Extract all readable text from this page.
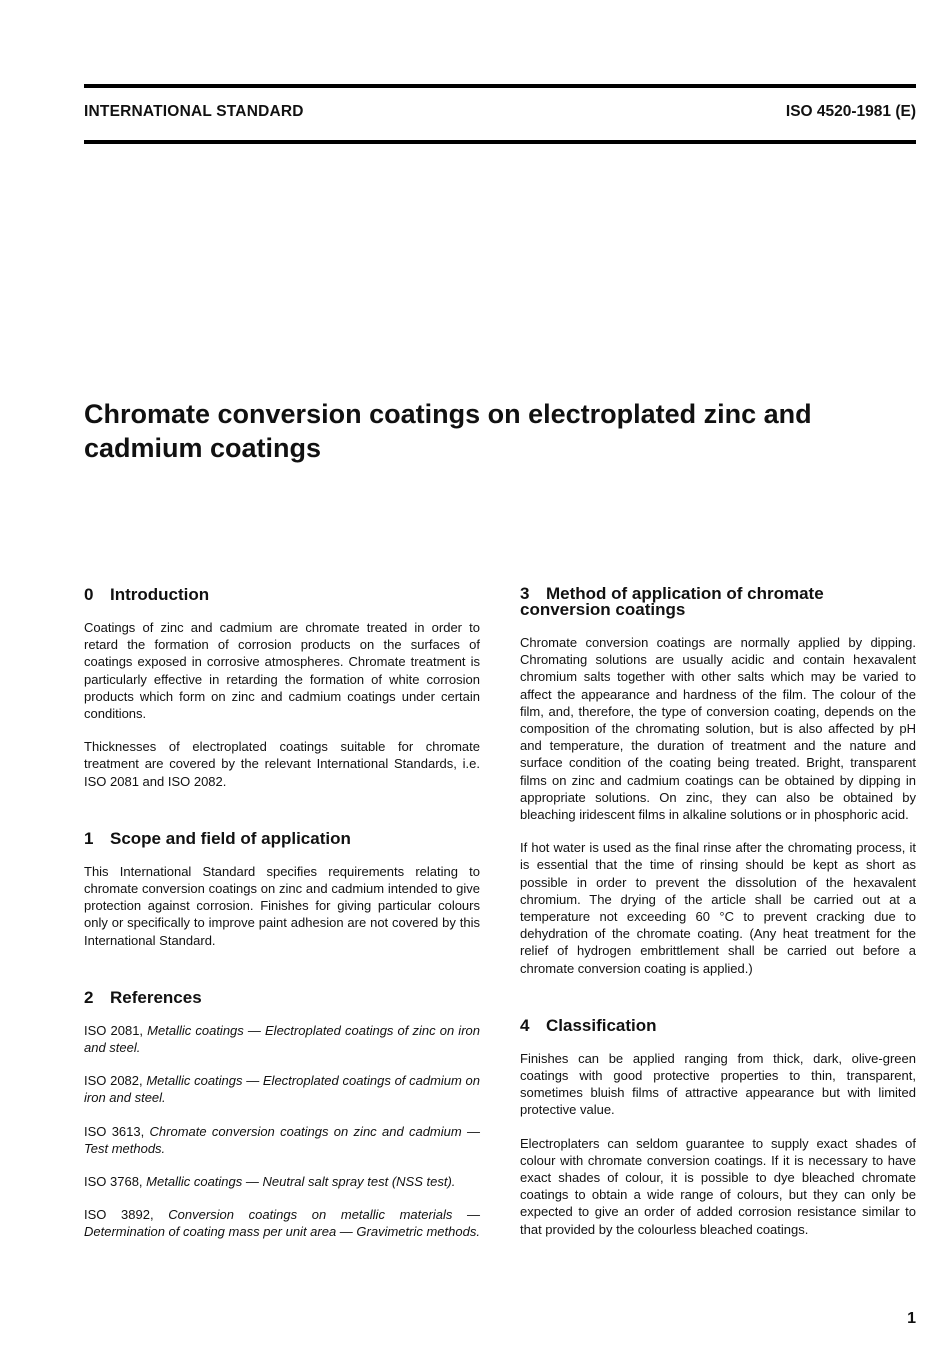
INTERNATIONAL STANDARD	ISO 4520-1981 (E)
Chromate conversion coatings on electroplated zinc and
cadmium coatings
0 Introduction

Coatings of zinc and cadmium are chromate treated in order to retard the formation of corrosion products on the surfaces of coatings exposed in corrosive atmospheres. Chromate treatment is particularly effective in retarding the formation of white corrosion products which form on zinc and cadmium coatings under certain conditions.

Thicknesses of electroplated coatings suitable for chromate treatment are covered by the relevant International Standards, i.e. ISO 2081 and ISO 2082.

1 Scope and field of application

This International Standard specifies requirements relating to chromate conversion coatings on zinc and cadmium intended to give protection against corrosion. Finishes for giving particular colours only or specifically to improve paint adhesion are not covered by this International Standard.

2 References

ISO 2081, Metallic coatings — Electroplated coatings of zinc on iron and steel.

ISO 2082, Metallic coatings — Electroplated coatings of cadmium on iron and steel.

ISO 3613, Chromate conversion coatings on zinc and cadmium — Test methods.

ISO 3768, Metallic coatings — Neutral salt spray test (NSS test).

ISO 3892, Conversion coatings on metallic materials — Determination of coating mass per unit area — Gravimetric methods.

3 Method of application of chromate
conversion coatings

Chromate conversion coatings are normally applied by dipping. Chromating solutions are usually acidic and contain hexavalent chromium salts together with other salts which may be varied to affect the appearance and hardness of the film. The colour of the film, and, therefore, the type of conversion coating, depends on the composition of the chromating solution, but is also affected by pH and temperature, the duration of treatment and the nature and surface condition of the coating being treated. Bright, transparent films on zinc and cadmium coatings can be obtained by dipping in appropriate solutions. On zinc, they can also be obtained by bleaching iridescent films in alkaline solutions or in phosphoric acid.

If hot water is used as the final rinse after the chromating process, it is essential that the time of rinsing should be kept as short as possible in order to prevent the dissolution of the hexavalent chromium. The drying of the article shall be carried out at a temperature not exceeding 60 °C to prevent cracking due to dehydration of the chromate coating. (Any heat treatment for the relief of hydrogen embrittlement shall be carried out before a chromate conversion coating is applied.)

4 Classification

Finishes can be applied ranging from thick, dark, olive-green coatings with good protective properties to thin, transparent, sometimes bluish films of attractive appearance but with limited protective value.

Electroplaters can seldom guarantee to supply exact shades of colour with chromate conversion coatings. If it is necessary to have exact shades of colour, it is possible to dye bleached chromate coatings to obtain a wide range of colours, but they can only be expected to give an order of added corrosion resistance similar to that provided by the colourless bleached coatings.

1
